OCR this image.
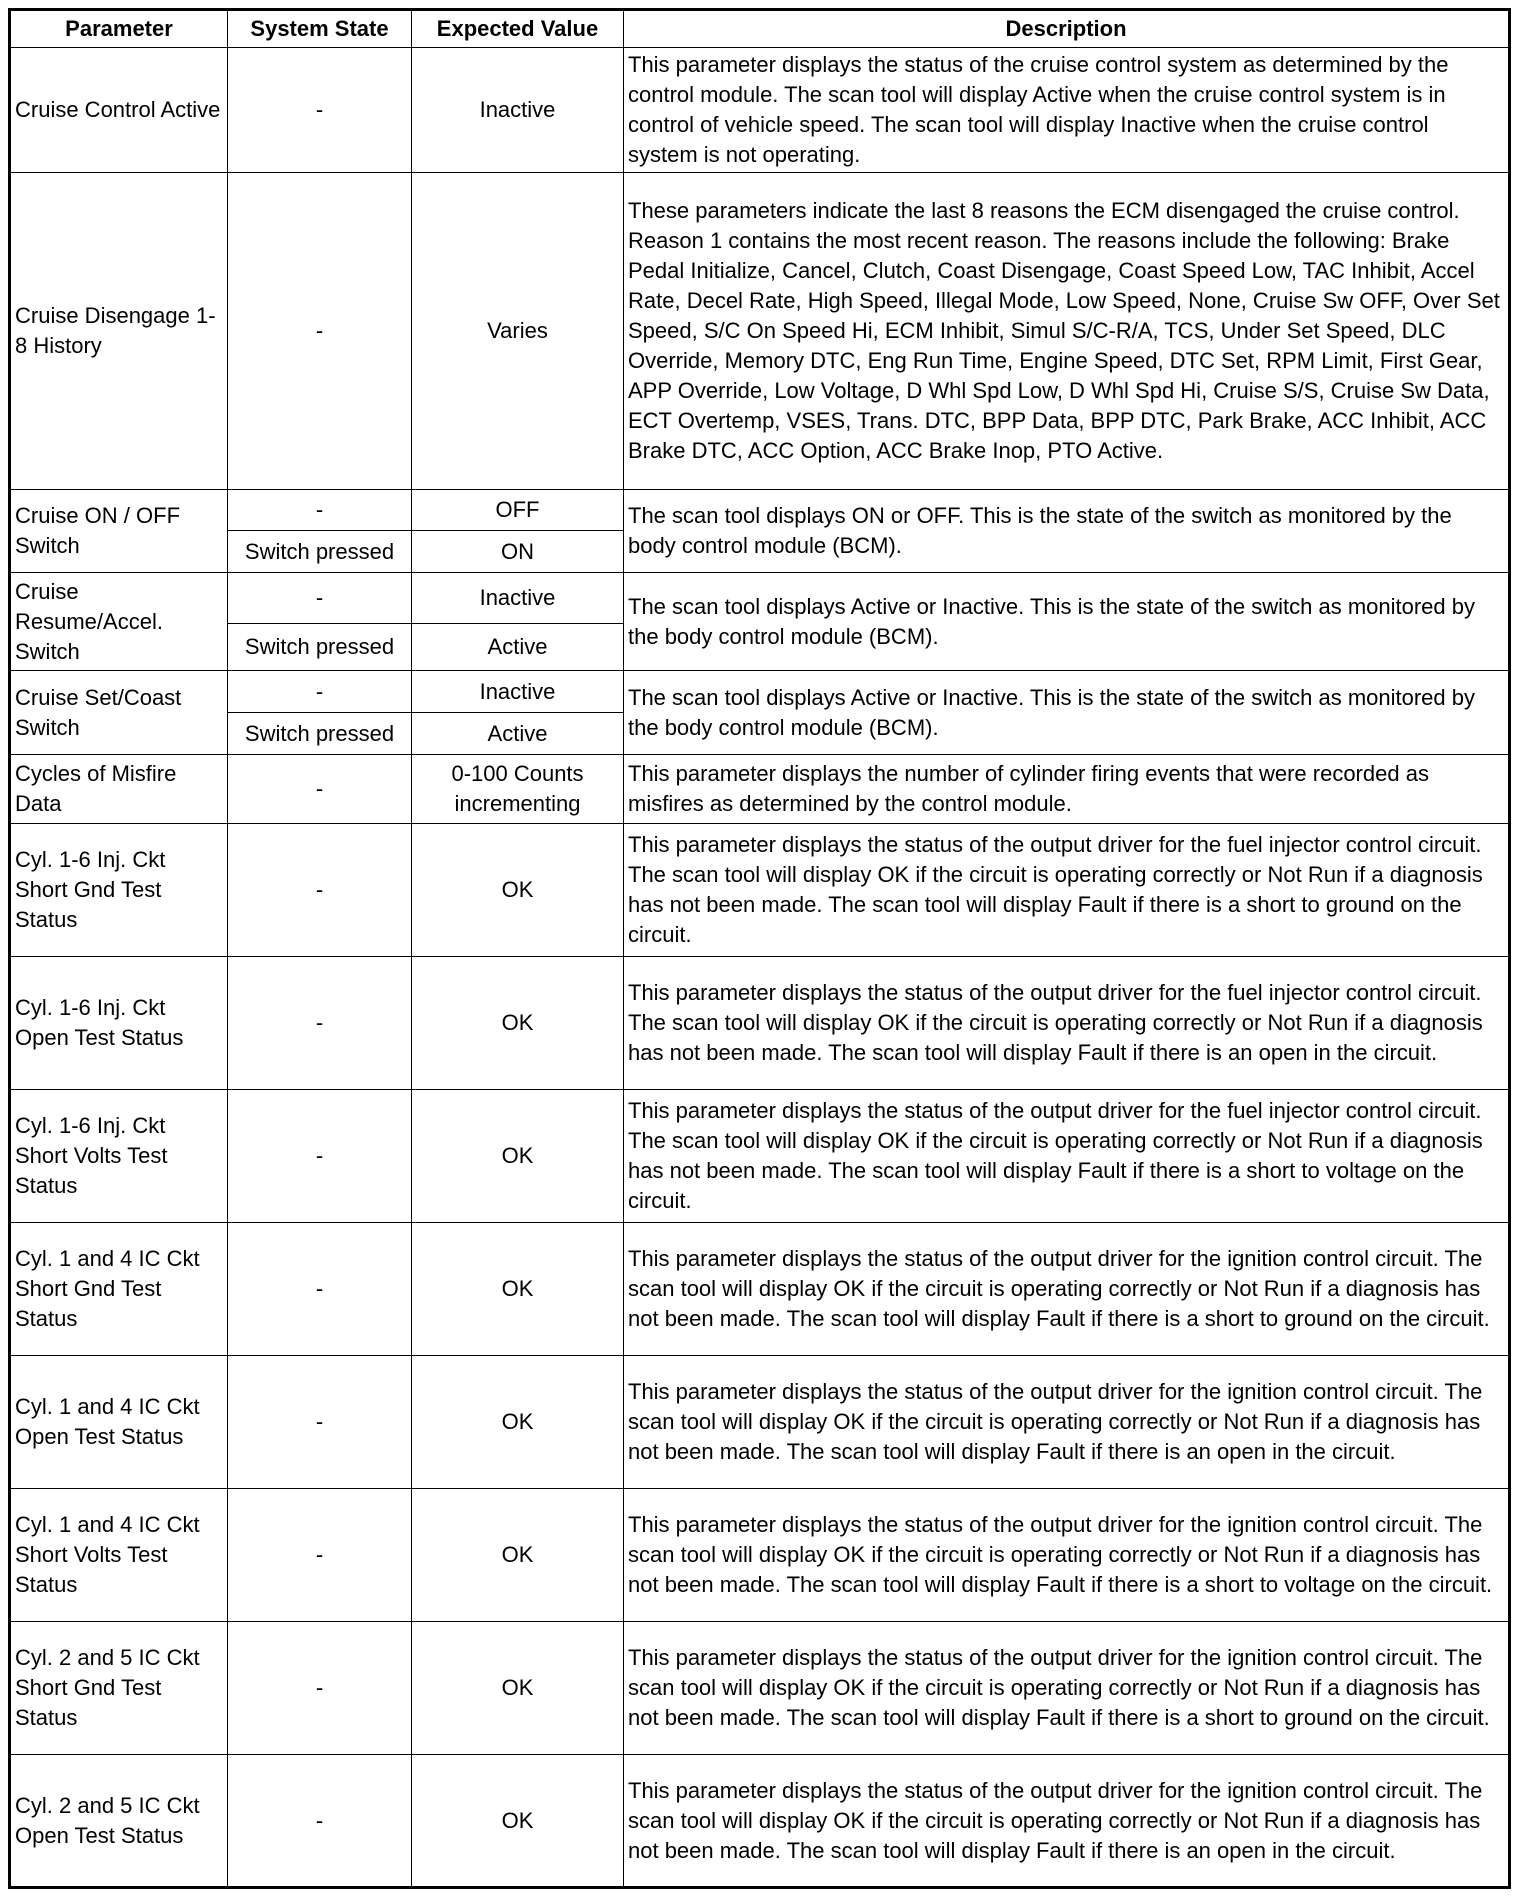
Parameter	System State	Expected Value	Description
Cruise Control Active	-	Inactive	This parameter displays the status of the cruise control system as determined by the control module. The scan tool will display Active when the cruise control system is in control of vehicle speed. The scan tool will display Inactive when the cruise control system is not operating.
Cruise Disengage 1-8 History	-	Varies	These parameters indicate the last 8 reasons the ECM disengaged the cruise control. Reason 1 contains the most recent reason. The reasons include the following: Brake Pedal Initialize, Cancel, Clutch, Coast Disengage, Coast Speed Low, TAC Inhibit, Accel Rate, Decel Rate, High Speed, Illegal Mode, Low Speed, None, Cruise Sw OFF, Over Set Speed, S/C On Speed Hi, ECM Inhibit, Simul S/C-R/A, TCS, Under Set Speed, DLC Override, Memory DTC, Eng Run Time, Engine Speed, DTC Set, RPM Limit, First Gear, APP Override, Low Voltage, D Whl Spd Low, D Whl Spd Hi, Cruise S/S, Cruise Sw Data, ECT Overtemp, VSES, Trans. DTC, BPP Data, BPP DTC, Park Brake, ACC Inhibit, ACC Brake DTC, ACC Option, ACC Brake Inop, PTO Active.
Cruise ON / OFF Switch	-	OFF	The scan tool displays ON or OFF. This is the state of the switch as monitored by the body control module (BCM).
	Switch pressed	ON	
Cruise Resume/Accel. Switch	-	Inactive	The scan tool displays Active or Inactive. This is the state of the switch as monitored by the body control module (BCM).
	Switch pressed	Active	
Cruise Set/Coast Switch	-	Inactive	The scan tool displays Active or Inactive. This is the state of the switch as monitored by the body control module (BCM).
	Switch pressed	Active	
Cycles of Misfire Data	-	0-100 Counts incrementing	This parameter displays the number of cylinder firing events that were recorded as misfires as determined by the control module.
Cyl. 1-6 Inj. Ckt Short Gnd Test Status	-	OK	This parameter displays the status of the output driver for the fuel injector control circuit. The scan tool will display OK if the circuit is operating correctly or Not Run if a diagnosis has not been made. The scan tool will display Fault if there is a short to ground on the circuit.
Cyl. 1-6 Inj. Ckt Open Test Status	-	OK	This parameter displays the status of the output driver for the fuel injector control circuit. The scan tool will display OK if the circuit is operating correctly or Not Run if a diagnosis has not been made. The scan tool will display Fault if there is an open in the circuit.
Cyl. 1-6 Inj. Ckt Short Volts Test Status	-	OK	This parameter displays the status of the output driver for the fuel injector control circuit. The scan tool will display OK if the circuit is operating correctly or Not Run if a diagnosis has not been made. The scan tool will display Fault if there is a short to voltage on the circuit.
Cyl. 1 and 4 IC Ckt Short Gnd Test Status	-	OK	This parameter displays the status of the output driver for the ignition control circuit. The scan tool will display OK if the circuit is operating correctly or Not Run if a diagnosis has not been made. The scan tool will display Fault if there is a short to ground on the circuit.
Cyl. 1 and 4 IC Ckt Open Test Status	-	OK	This parameter displays the status of the output driver for the ignition control circuit. The scan tool will display OK if the circuit is operating correctly or Not Run if a diagnosis has not been made. The scan tool will display Fault if there is an open in the circuit.
Cyl. 1 and 4 IC Ckt Short Volts Test Status	-	OK	This parameter displays the status of the output driver for the ignition control circuit. The scan tool will display OK if the circuit is operating correctly or Not Run if a diagnosis has not been made. The scan tool will display Fault if there is a short to voltage on the circuit.
Cyl. 2 and 5 IC Ckt Short Gnd Test Status	-	OK	This parameter displays the status of the output driver for the ignition control circuit. The scan tool will display OK if the circuit is operating correctly or Not Run if a diagnosis has not been made. The scan tool will display Fault if there is a short to ground on the circuit.
Cyl. 2 and 5 IC Ckt Open Test Status	-	OK	This parameter displays the status of the output driver for the ignition control circuit. The scan tool will display OK if the circuit is operating correctly or Not Run if a diagnosis has not been made. The scan tool will display Fault if there is an open in the circuit.
